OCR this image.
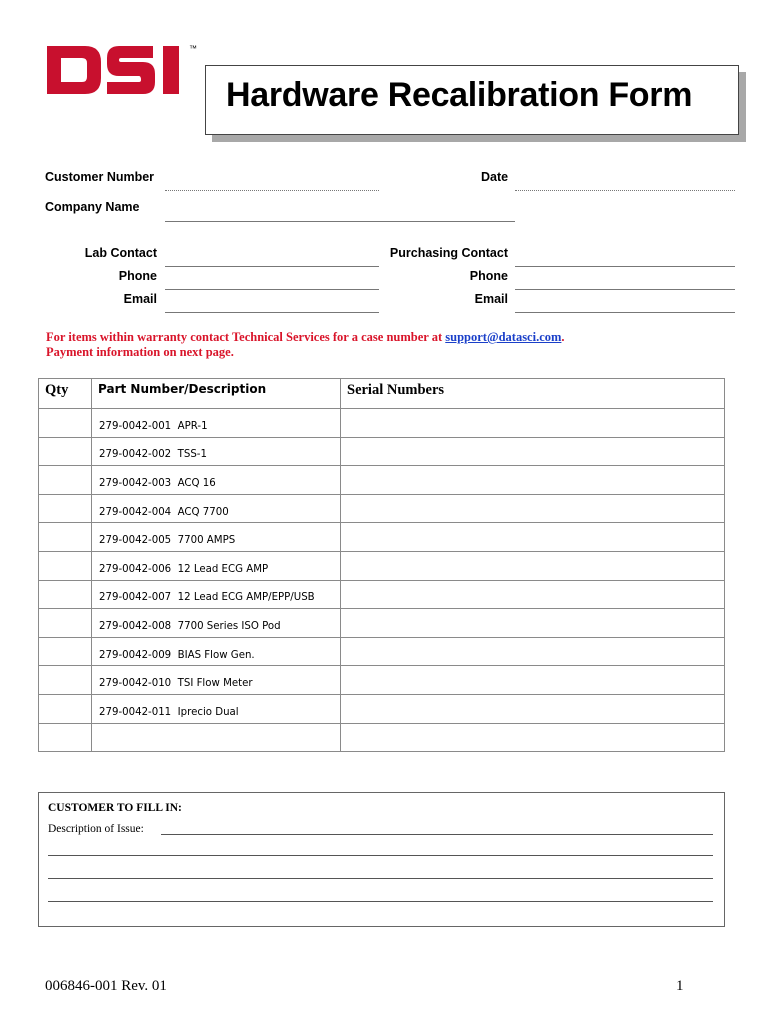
™
Hardware Recalibration Form
Customer Number	Date
Company Name
Lab Contact	Purchasing Contact
Phone	Phone
Email	Email
For items within warranty contact Technical Services for a case number at support@datasci.com.
Payment information on next page.
Qty	Part Number/Description	Serial Numbers
	279-0042-001  APR-1	
	279-0042-002  TSS-1	
	279-0042-003  ACQ 16	
	279-0042-004  ACQ 7700	
	279-0042-005  7700 AMPS	
	279-0042-006  12 Lead ECG AMP	
	279-0042-007  12 Lead ECG AMP/EPP/USB	
	279-0042-008  7700 Series ISO Pod	
	279-0042-009  BIAS Flow Gen.	
	279-0042-010  TSI Flow Meter	
	279-0042-011  Iprecio Dual	

CUSTOMER TO FILL IN:
Description of Issue:
006846-001 Rev. 01	1
